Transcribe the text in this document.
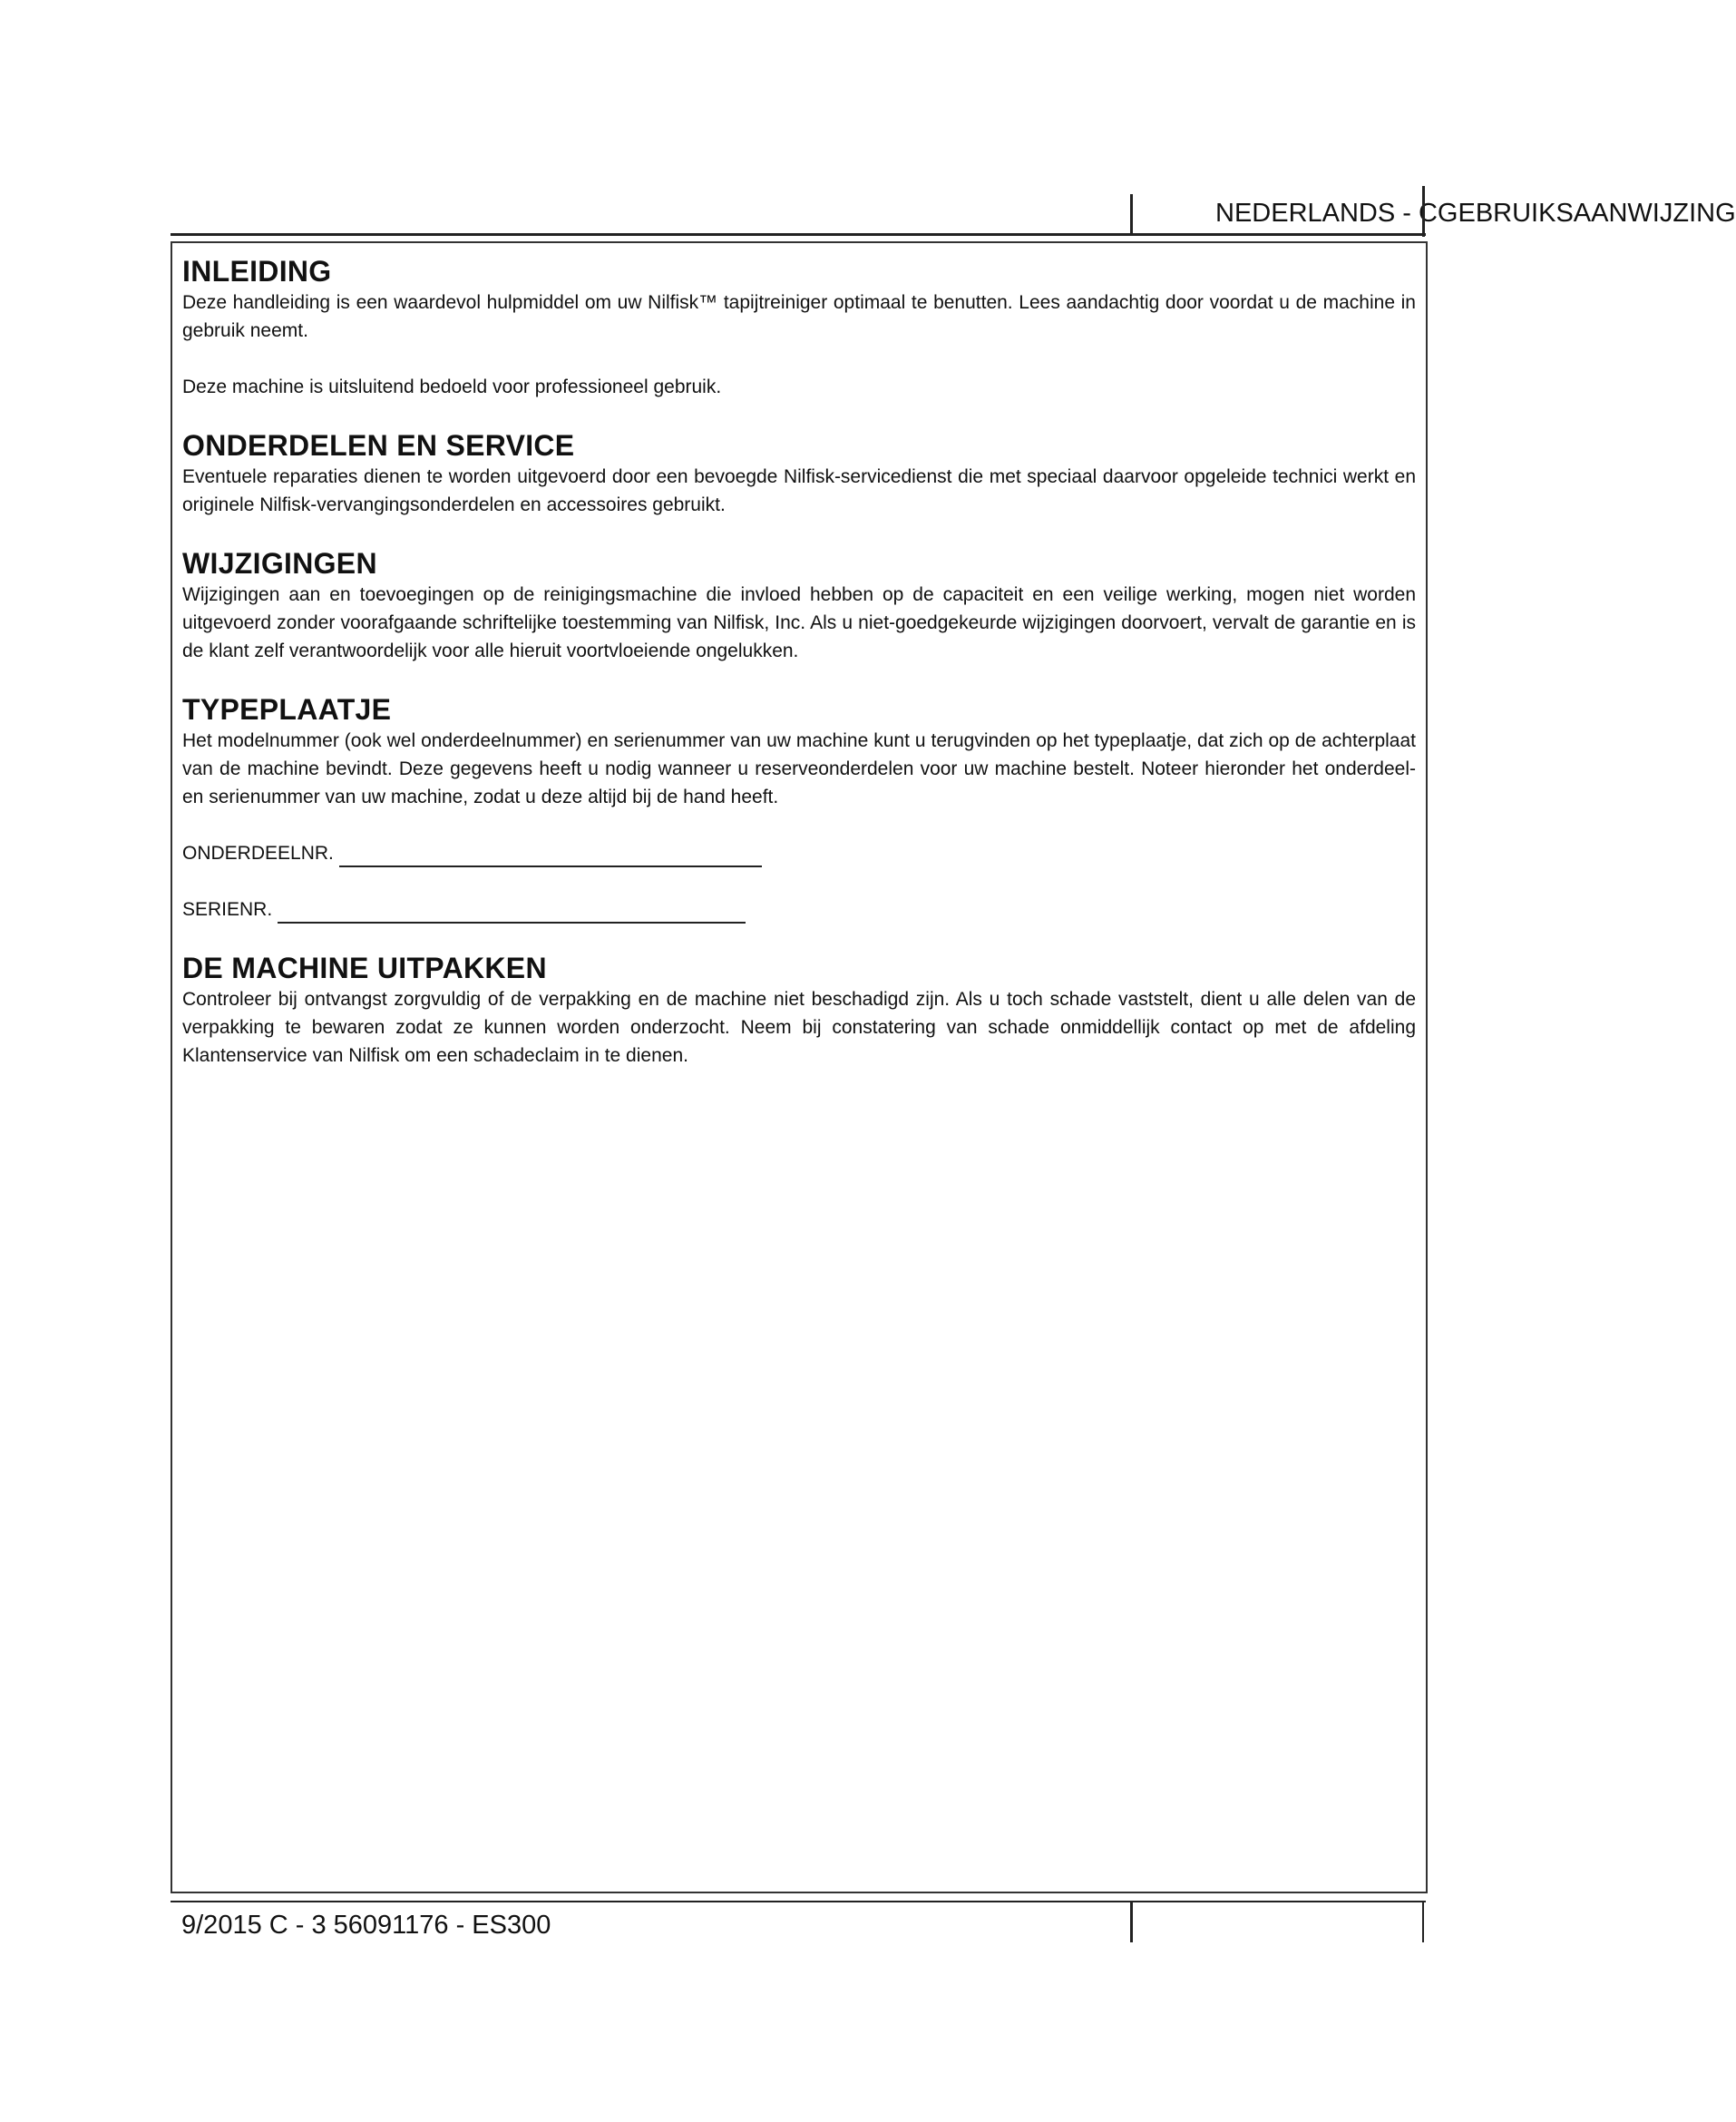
NEDERLANDS - CGEBRUIKSAANWIJZING
INLEIDING

Deze handleiding is een waardevol hulpmiddel om uw Nilfisk™ tapijtreiniger optimaal te benutten. Lees aandachtig door voordat u de machine in gebruik neemt.

Deze machine is uitsluitend bedoeld voor professioneel gebruik.

ONDERDELEN EN SERVICE

Eventuele reparaties dienen te worden uitgevoerd door een bevoegde Nilfisk-servicedienst die met speciaal daarvoor opgeleide technici werkt en originele Nilfisk-vervangingsonderdelen en accessoires gebruikt.

WIJZIGINGEN

Wijzigingen aan en toevoegingen op de reinigingsmachine die invloed hebben op de capaciteit en een veilige werking, mogen niet worden uitgevoerd zonder voorafgaande schriftelijke toestemming van Nilfisk, Inc. Als u niet-goedgekeurde wijzigingen doorvoert, vervalt de garantie en is de klant zelf verantwoordelijk voor alle hieruit voortvloeiende ongelukken.

TYPEPLAATJE

Het modelnummer (ook wel onderdeelnummer) en serienummer van uw machine kunt u terugvinden op het typeplaatje, dat zich op de achterplaat van de machine bevindt. Deze gegevens heeft u nodig wanneer u reserveonderdelen voor uw machine bestelt. Noteer hieronder het onderdeel- en serienummer van uw machine, zodat u deze altijd bij de hand heeft.

ONDERDEELNR.
SERIENR.
DE MACHINE UITPAKKEN

Controleer bij ontvangst zorgvuldig of de verpakking en de machine niet beschadigd zijn. Als u toch schade vaststelt, dient u alle delen van de verpakking te bewaren zodat ze kunnen worden onderzocht. Neem bij constatering van schade onmiddellijk contact op met de afdeling Klantenservice van Nilfisk om een schadeclaim in te dienen.

9/2015 C - 3 56091176 - ES300
